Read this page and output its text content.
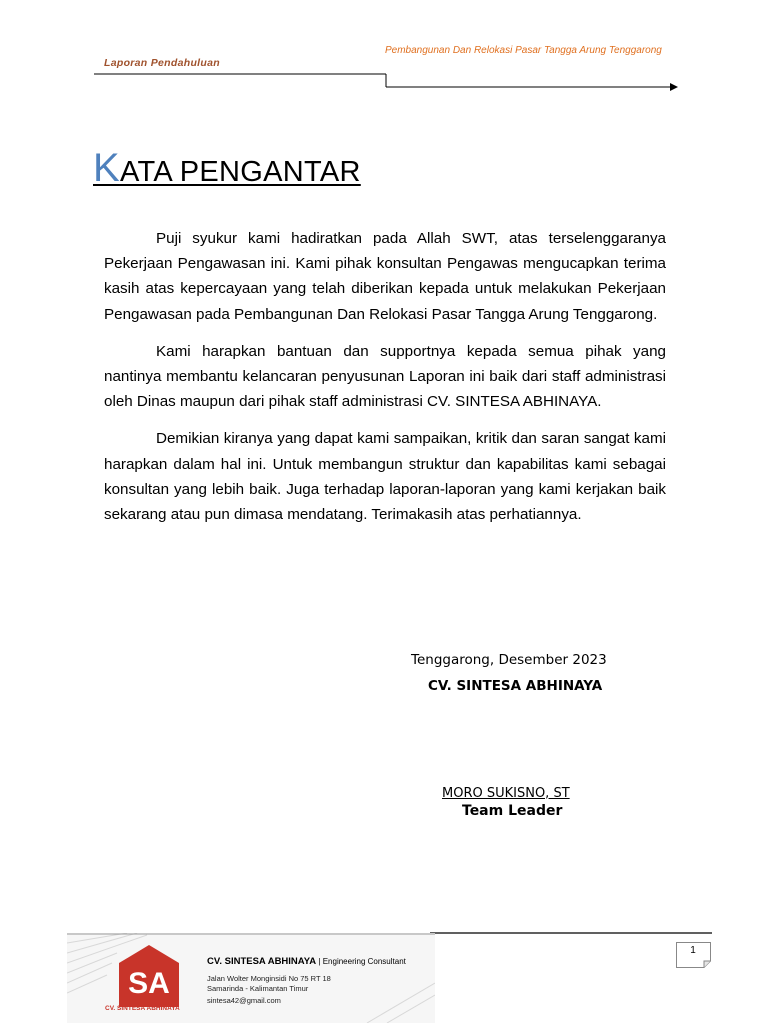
Laporan Pendahuluan
Pembangunan Dan Relokasi Pasar Tangga Arung Tenggarong
KATA PENGANTAR

Puji syukur kami hadiratkan pada Allah SWT, atas terselenggaranya Pekerjaan Pengawasan ini. Kami pihak konsultan Pengawas mengucapkan terima kasih atas kepercayaan yang telah diberikan kepada untuk melakukan Pekerjaan Pengawasan pada Pembangunan Dan Relokasi Pasar Tangga Arung Tenggarong.

Kami harapkan bantuan dan supportnya kepada semua pihak yang nantinya membantu kelancaran penyusunan Laporan ini baik dari staff administrasi oleh Dinas maupun dari pihak staff administrasi CV. SINTESA ABHINAYA.

Demikian kiranya yang dapat kami sampaikan, kritik dan saran sangat kami harapkan dalam hal ini. Untuk membangun struktur dan kapabilitas kami sebagai konsultan yang lebih baik. Juga terhadap laporan-laporan yang kami kerjakan baik sekarang atau pun dimasa mendatang. Terimakasih atas perhatiannya.

Tenggarong, Desember 2023
CV. SINTESA ABHINAYA
MORO SUKISNO, ST
Team Leader
SA
CV. SINTESA ABHINAYA
CV. SINTESA ABHINAYA | Engineering Consultant
Jalan Wolter Monginsidi No 75 RT 18
Samarinda - Kalimantan Timur
sintesa42@gmail.com
1
